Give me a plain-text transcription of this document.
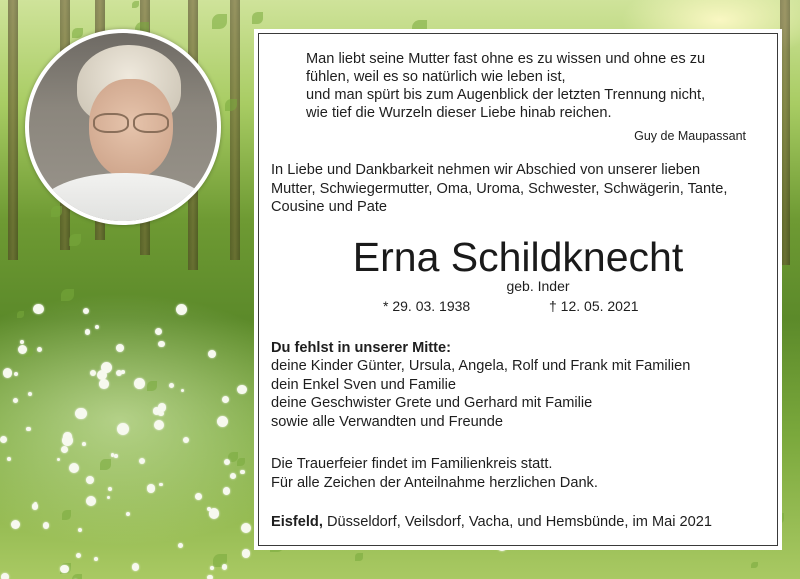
Man liebt seine Mutter fast ohne es zu wissen und ohne es zu
fühlen, weil es so natürlich wie leben ist,
und man spürt bis zum Augenblick der letzten Trennung nicht,
wie tief die Wurzeln dieser Liebe hinab reichen.
Guy de Maupassant
In Liebe und Dankbarkeit nehmen wir Abschied von unserer lieben
Mutter, Schwiegermutter, Oma, Uroma, Schwester, Schwägerin, Tante,
Cousine und Pate
Erna Schildknecht
geb. Inder
* 29. 03. 1938	† 12. 05. 2021
Du fehlst in unserer Mitte:
deine Kinder Günter, Ursula, Angela, Rolf und Frank mit Familien
dein Enkel Sven und Familie
deine Geschwister Grete und Gerhard mit Familie
sowie alle Verwandten und Freunde
Die Trauerfeier findet im Familienkreis statt.
Für alle Zeichen der Anteilnahme herzlichen Dank.
Eisfeld, Düsseldorf, Veilsdorf, Vacha, und Hemsbünde, im Mai 2021
